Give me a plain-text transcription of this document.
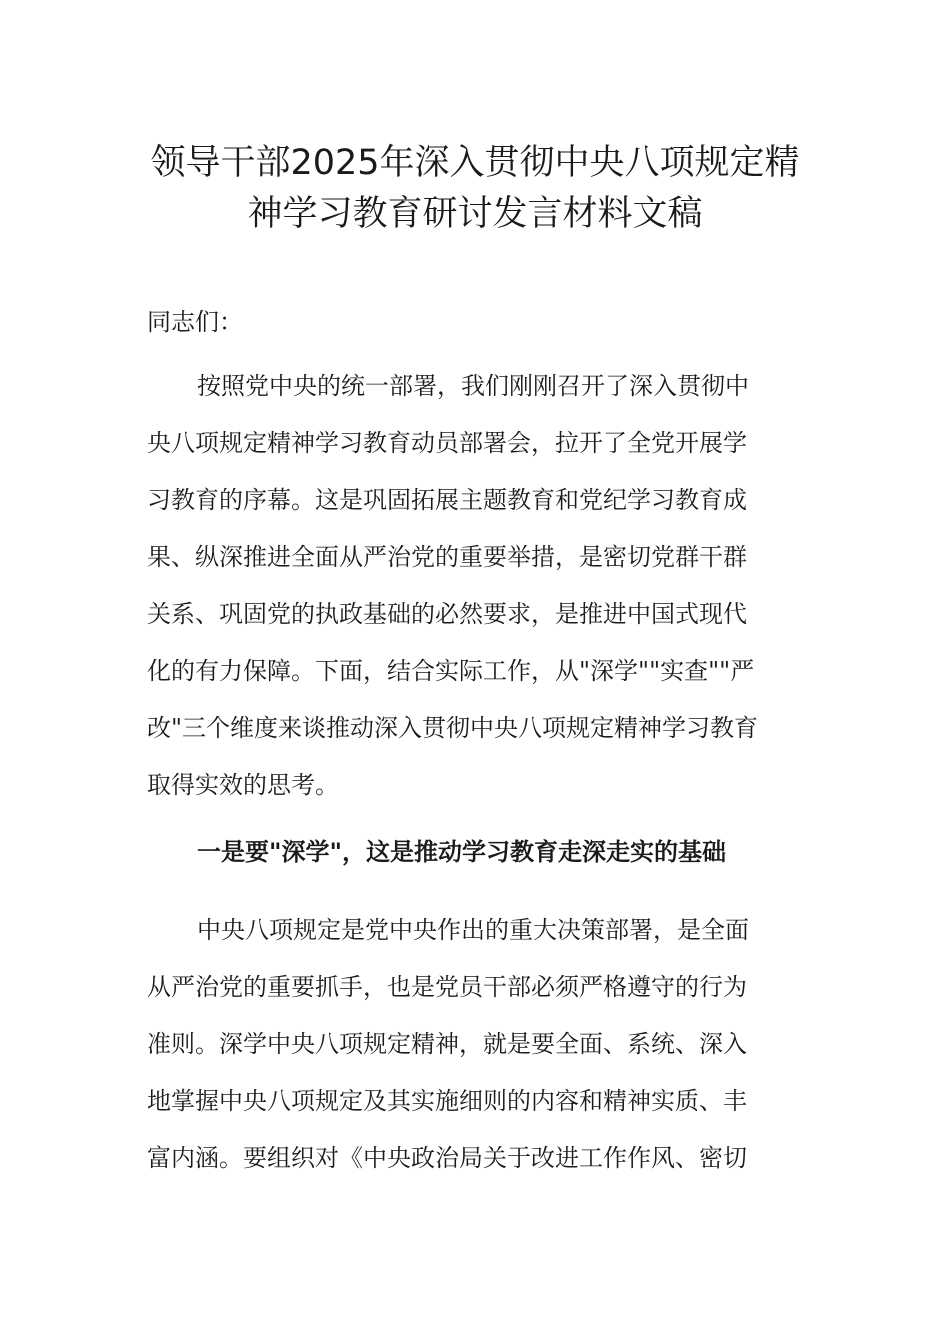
领导干部2025年深入贯彻中央八项规定精
神学习教育研讨发言材料文稿
同志们：
按照党中央的统一部署，我们刚刚召开了深入贯彻中
央八项规定精神学习教育动员部署会，拉开了全党开展学
习教育的序幕。这是巩固拓展主题教育和党纪学习教育成
果、纵深推进全面从严治党的重要举措，是密切党群干群
关系、巩固党的执政基础的必然要求，是推进中国式现代
化的有力保障。下面，结合实际工作，从"深学""实查""严
改"三个维度来谈推动深入贯彻中央八项规定精神学习教育
取得实效的思考。
一是要"深学"，这是推动学习教育走深走实的基础
中央八项规定是党中央作出的重大决策部署，是全面
从严治党的重要抓手，也是党员干部必须严格遵守的行为
准则。深学中央八项规定精神，就是要全面、系统、深入
地掌握中央八项规定及其实施细则的内容和精神实质、丰
富内涵。要组织对《中央政治局关于改进工作作风、密切
